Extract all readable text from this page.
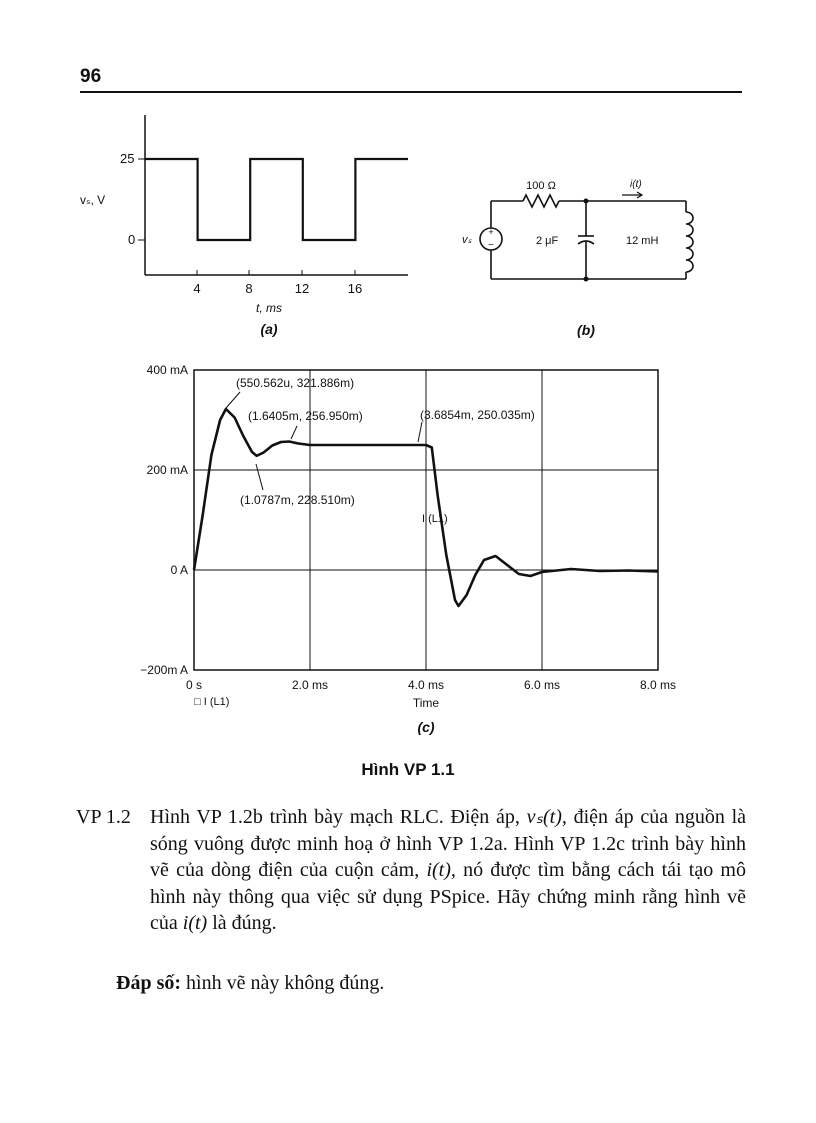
96
vₛ, V
25
0
4	8	12	16
t, ms
(a)
+
−
vₛ
100 Ω
2 μF	12 mH
i(t)
(b)
400 mA
200 mA
0 A
−200m A
0 s	2.0 ms	4.0 ms	6.0 ms	8.0 ms
Time
□ I (L1)
I (L1)
(550.562u, 321.886m)
(1.6405m, 256.950m)	(3.6854m, 250.035m)
(1.0787m, 228.510m)
(c)
Hình VP 1.1
VP 1.2 Hình VP 1.2b trình bày mạch RLC. Điện áp, vₛ(t), điện áp của nguồn là sóng vuông được minh hoạ ở hình VP 1.2a. Hình VP 1.2c trình bày hình vẽ của dòng điện của cuộn cảm, i(t), nó được tìm bằng cách tái tạo mô hình này thông qua việc sử dụng PSpice. Hãy chứng minh rằng hình vẽ của i(t) là đúng.
Đáp số: hình vẽ này không đúng.
